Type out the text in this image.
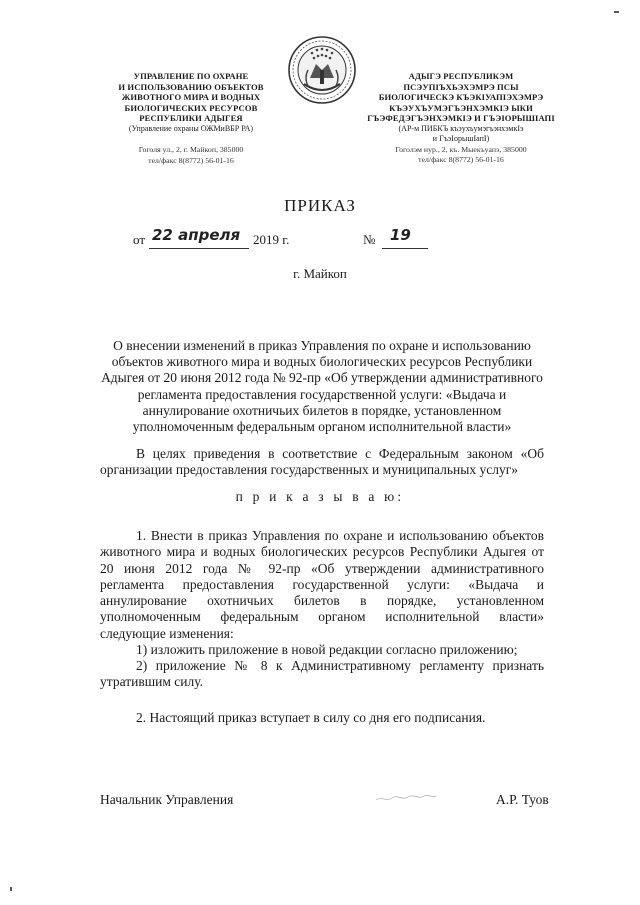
УПРАВЛЕНИЕ ПО ОХРАНЕ
И ИСПОЛЬЗОВАНИЮ ОБЪЕКТОВ
ЖИВОТНОГО МИРА И ВОДНЫХ
БИОЛОГИЧЕСКИХ РЕСУРСОВ
РЕСПУБЛИКИ АДЫГЕЯ
(Управление охраны ОЖМиВБР РА)
Гоголя ул., 2, г. Майкоп, 385000
тел/факс 8(8772) 56-01-16
АДЫГЭ РЕСПУБЛИКЭМ
ПСЭУПІЪХЬЭХЭМРЭ ПСЫ
БИОЛОГИЧЕСКЭ КЪЭКІУАПІЭХЭМРЭ
КЪЭУХЪУМЭГЪЭНХЭМКІЭ ЫКИ
ГЪЭФЕДЭГЪЭНХЭМКІЭ И ГЪЭІОРЫШІАПІ
(АР-м ПИБКЪ къэухъумэгъэнхэмкІэ
и ГъэІорышІапІ)
Гоголэм иур., 2, къ. Мыекъуапэ, 385000
тел/факс 8(8772) 56-01-16
ПРИКАЗ
от 22 апреля 2019 г.	№ 19
г. Майкоп
О внесении изменений в приказ Управления по охране и использованию объектов животного мира и водных биологических ресурсов Республики Адыгея от 20 июня 2012 года № 92-пр «Об утверждении административного регламента предоставления государственной услуги: «Выдача и аннулирование охотничьих билетов в порядке, установленном уполномоченным федеральным органом исполнительной власти»
В целях приведения в соответствие с Федеральным законом «Об организации предоставления государственных и муниципальных услуг»
п р и к а з ы в а ю:
1. Внести в приказ Управления по охране и использованию объектов животного мира и водных биологических ресурсов Республики Адыгея от 20 июня 2012 года № 92-пр «Об утверждении административного регламента предоставления государственной услуги: «Выдача и аннулирование охотничьих билетов в порядке, установленном уполномоченным федеральным органом исполнительной власти» следующие изменения:
1) изложить приложение в новой редакции согласно приложению;
2) приложение № 8 к Административному регламенту признать утратившим силу.
2. Настоящий приказ вступает в силу со дня его подписания.
Начальник Управления	А.Р. Туов
